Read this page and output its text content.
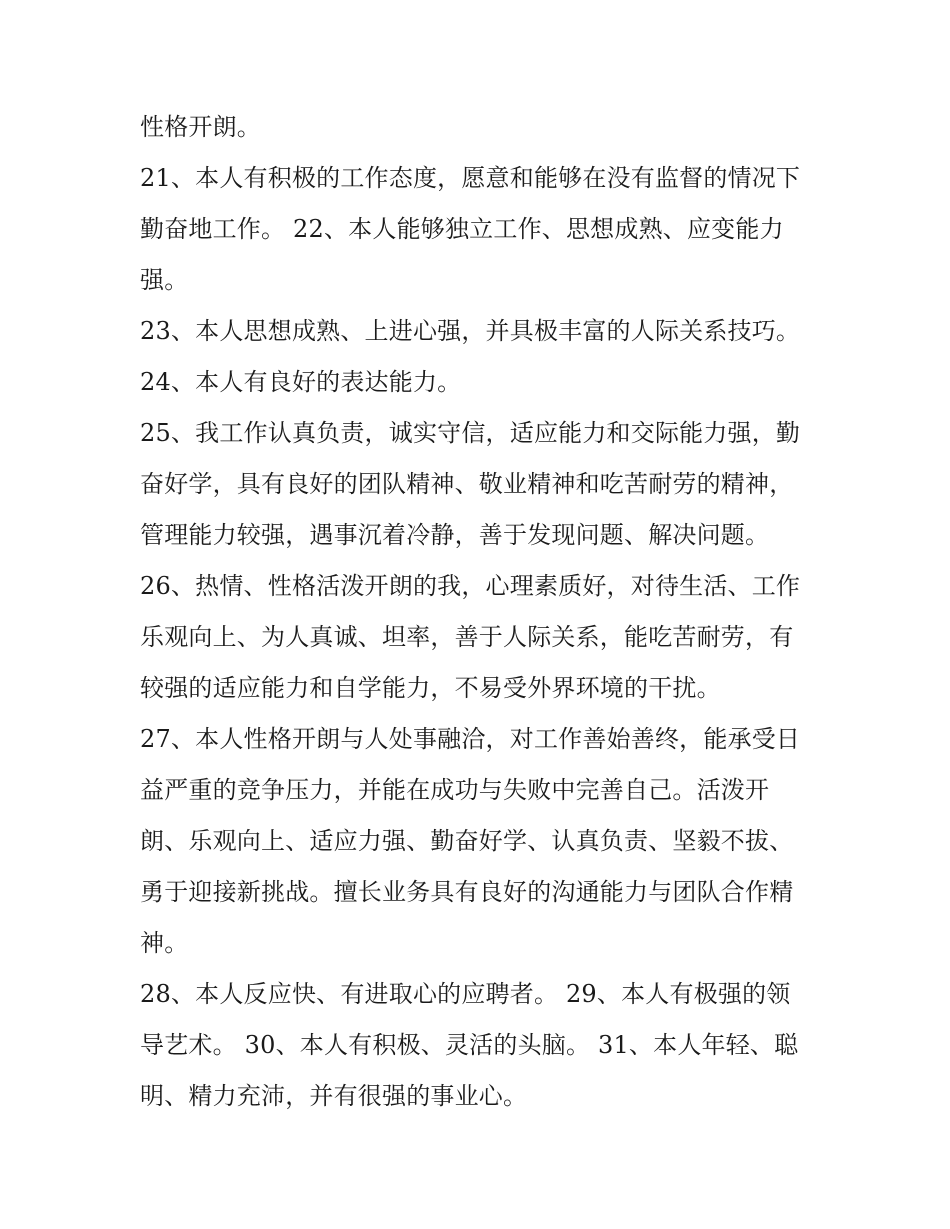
性格开朗。
21、本人有积极的工作态度，愿意和能够在没有监督的情况下
勤奋地工作。 22、本人能够独立工作、思想成熟、应变能力
强。
23、本人思想成熟、上进心强，并具极丰富的人际关系技巧。
24、本人有良好的表达能力。
25、我工作认真负责，诚实守信，适应能力和交际能力强，勤
奋好学，具有良好的团队精神、敬业精神和吃苦耐劳的精神，
管理能力较强，遇事沉着冷静，善于发现问题、解决问题。
26、热情、性格活泼开朗的我，心理素质好，对待生活、工作
乐观向上、为人真诚、坦率，善于人际关系，能吃苦耐劳，有
较强的适应能力和自学能力，不易受外界环境的干扰。
27、本人性格开朗与人处事融洽，对工作善始善终，能承受日
益严重的竞争压力，并能在成功与失败中完善自己。活泼开
朗、乐观向上、适应力强、勤奋好学、认真负责、坚毅不拔、
勇于迎接新挑战。擅长业务具有良好的沟通能力与团队合作精
神。
28、本人反应快、有进取心的应聘者。 29、本人有极强的领
导艺术。 30、本人有积极、灵活的头脑。 31、本人年轻、聪
明、精力充沛，并有很强的事业心。
